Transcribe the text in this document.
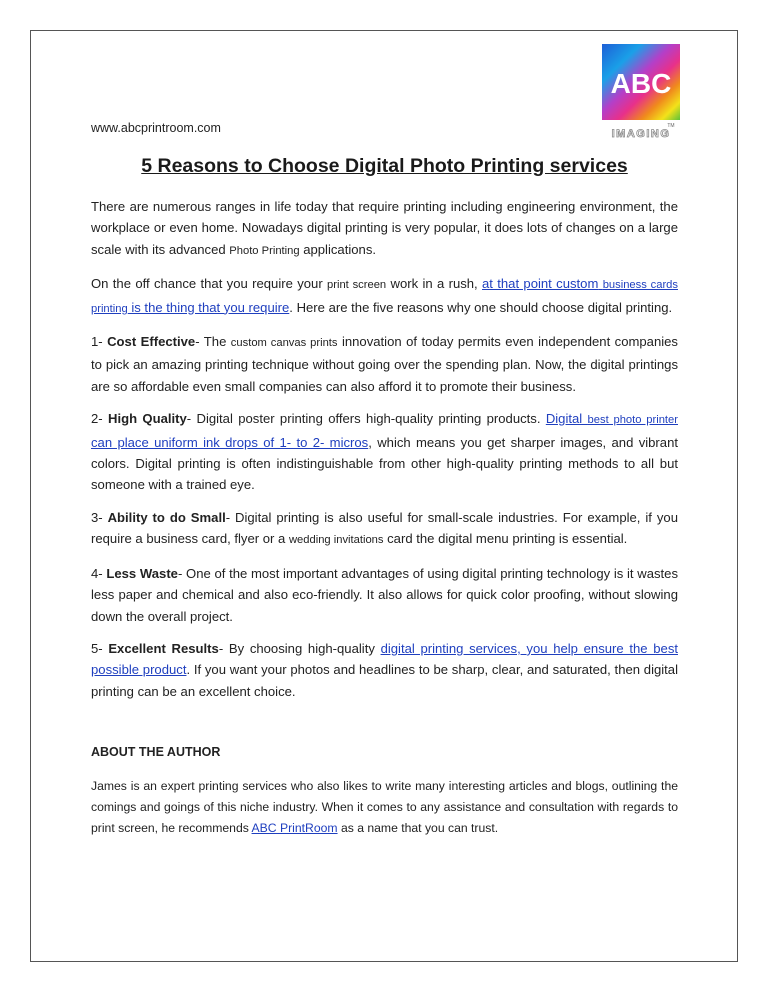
ABC
TM
IMAGING
www.abcprintroom.com
5 Reasons to Choose Digital Photo Printing services

There are numerous ranges in life today that require printing including engineering environment, the workplace or even home. Nowadays digital printing is very popular, it does lots of changes on a large scale with its advanced Photo Printing applications.

On the off chance that you require your print screen work in a rush, at that point custom business cards printing is the thing that you require. Here are the five reasons why one should choose digital printing.

1- Cost Effective- The custom canvas prints innovation of today permits even independent companies to pick an amazing printing technique without going over the spending plan. Now, the digital printings are so affordable even small companies can also afford it to promote their business.

2- High Quality- Digital poster printing offers high-quality printing products. Digital best photo printer can place uniform ink drops of 1- to 2- micros, which means you get sharper images, and vibrant colors. Digital printing is often indistinguishable from other high-quality printing methods to all but someone with a trained eye.

3- Ability to do Small- Digital printing is also useful for small-scale industries. For example, if you require a business card, flyer or a wedding invitations card the digital menu printing is essential.

4- Less Waste- One of the most important advantages of using digital printing technology is it wastes less paper and chemical and also eco-friendly. It also allows for quick color proofing, without slowing down the overall project.

5- Excellent Results- By choosing high-quality digital printing services, you help ensure the best possible product. If you want your photos and headlines to be sharp, clear, and saturated, then digital printing can be an excellent choice.

ABOUT THE AUTHOR

James is an expert printing services who also likes to write many interesting articles and blogs, outlining the comings and goings of this niche industry. When it comes to any assistance and consultation with regards to print screen, he recommends ABC PrintRoom as a name that you can trust.
